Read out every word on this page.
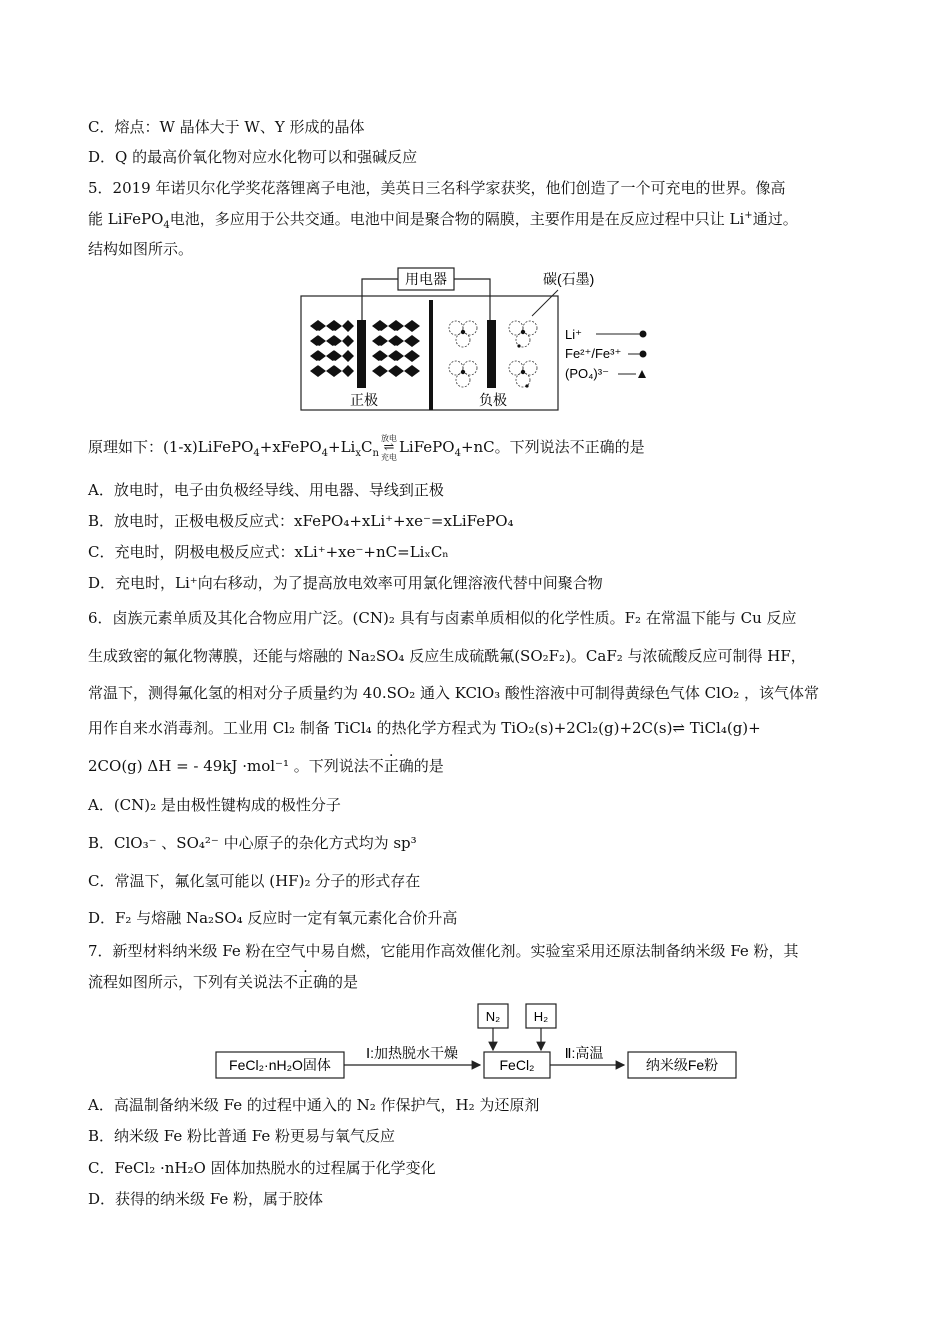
C．熔点：W 晶体大于 W、Y 形成的晶体
D．Q 的最高价氧化物对应水化物可以和强碱反应
5．2019 年诺贝尔化学奖花落锂离子电池，美英日三名科学家获奖，他们创造了一个可充电的世界。像高
能 LiFePO$_4$电池，多应用于公共交通。电池中间是聚合物的隔膜，主要作用是在反应过程中只让 Li+通过。
结构如图所示。
用电器
正极	负极
碳(石墨)
Li⁺
Fe²⁺/Fe³⁺
(PO₄)³⁻
原理如下：$(1-x)LiFePO_4+xFePO_4+Li_xC_n$放电
⇌
充电LiFePO$_4$+nC。下列说法不正确的是
A．放电时，电子由负极经导线、用电器、导线到正极
B．放电时，正极电极反应式：xFePO₄+xLi⁺+xe⁻=xLiFePO₄
C．充电时，阴极电极反应式：xLi⁺+xe⁻+nC=LiₓCₙ
D．充电时，Li⁺向右移动，为了提高放电效率可用氯化锂溶液代替中间聚合物
6．卤族元素单质及其化合物应用广泛。(CN)₂ 具有与卤素单质相似的化学性质。F₂ 在常温下能与 Cu 反应
生成致密的氟化物薄膜，还能与熔融的 Na₂SO₄ 反应生成硫酰氟(SO₂F₂)。CaF₂ 与浓硫酸反应可制得 HF，
常温下，测得氟化氢的相对分子质量约为 40.SO₂ 通入 KClO₃ 酸性溶液中可制得黄绿色气体 ClO₂ ，该气体常
用作自来水消毒剂。工业用 Cl₂ 制备 TiCl₄ 的热化学方程式为 TiO₂(s)+2Cl₂(g)+2C(s)⇌ TiCl₄(g)+
2CO(g) ΔH = - 49kJ ·mol⁻¹ 。下列说法不正确的是
A．(CN)₂ 是由极性键构成的极性分子
B．ClO₃⁻ 、SO₄²⁻ 中心原子的杂化方式均为 sp³
C．常温下，氟化氢可能以 (HF)₂ 分子的形式存在
D．F₂ 与熔融 Na₂SO₄ 反应时一定有氧元素化合价升高
7．新型材料纳米级 Fe 粉在空气中易自燃，它能用作高效催化剂。实验室采用还原法制备纳米级 Fe 粉，其
流程如图所示，下列有关说法不正确的是
FeCl₂·nH₂O固体
Ⅰ:加热脱水干燥
FeCl₂
Ⅱ:高温
纳米级Fe粉
N₂	H₂
A．高温制备纳米级 Fe 的过程中通入的 N₂ 作保护气，H₂ 为还原剂
B．纳米级 Fe 粉比普通 Fe 粉更易与氧气反应
C．FeCl₂ ·nH₂O 固体加热脱水的过程属于化学变化
D．获得的纳米级 Fe 粉，属于胶体
